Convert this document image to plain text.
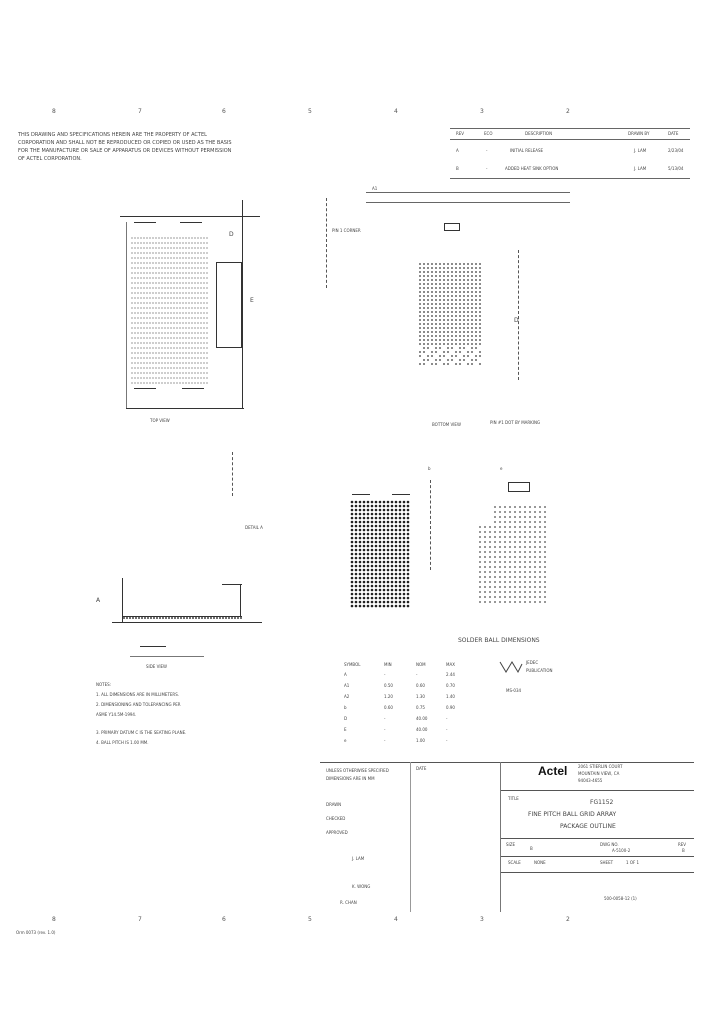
8	7	6	5	4	3	2
THIS DRAWING AND SPECIFICATIONS HEREIN ARE THE PROPERTY OF ACTEL
CORPORATION AND SHALL NOT BE REPRODUCED OR COPIED OR USED AS THE BASIS
FOR THE MANUFACTURE OR SALE OF APPARATUS OR DEVICES WITHOUT PERMISSION
OF ACTEL CORPORATION.
REV	ECO	DESCRIPTION	DRAWN BY	DATE
A	-	INITIAL RELEASE	J. LAM	2/23/04
B	-	ADDED HEAT SINK OPTION	J. LAM	5/13/04
E
D
TOP VIEW
A1
PIN 1 CORNER
D
BOTTOM VIEW	PIN #1 DOT BY MARKING
A
DETAIL A
SIDE VIEW
b	e
SOLDER BALL DIMENSIONS
SYMBOL	MIN	NOM	MAX
A	-	-	2.44
A1	0.50	0.60	0.70
A2	1.20	1.30	1.40
b	0.60	0.75	0.90
D	-	40.00	-
E	-	40.00	-
e	-	1.00	-
JEDEC
PUBLICATION
MS-034
NOTES:
1. ALL DIMENSIONS ARE IN MILLIMETERS.
2. DIMENSIONING AND TOLERANCING PER
ASME Y14.5M-1994.
3. PRIMARY DATUM C IS THE SEATING PLANE.
4. BALL PITCH IS 1.00 MM.
UNLESS OTHERWISE SPECIFIED
DIMENSIONS ARE IN MM
DRAWN
CHECKED
APPROVED
J. LAM
K. WONG
R. CHAN
DATE	Actel	2061 STIERLIN COURT
MOUNTAIN VIEW, CA
94043-4655
TITLE
FG1152
FINE PITCH BALL GRID ARRAY
PACKAGE OUTLINE
SIZE
B
DWG NO.
A-5100-2
REV
B
SCALE	NONE	SHEET	1 OF 1
500-0058-12 (1)
8	7	6	5	4	3	2
Orm 0073 (rev. 1.0)
